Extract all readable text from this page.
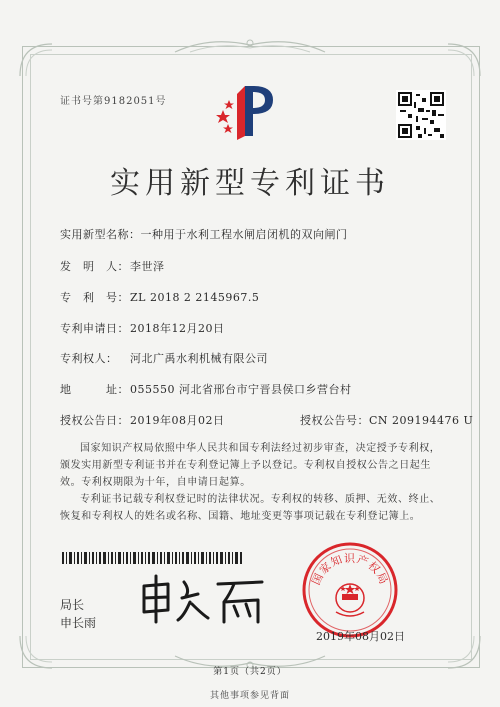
证书号第9182051号
实用新型专利证书
实用新型名称：一种用于水利工程水闸启闭机的双向闸门
发　明　人：李世泽
专　利　号：ZL 2018 2 2145967.5
专利申请日：2018年12月20日
专利权人： 河北广禹水利机械有限公司
地　　　址：055550 河北省邢台市宁晋县侯口乡营台村
授权公告日：2019年08月02日	授权公告号：CN 209194476 U
国家知识产权局依照中华人民共和国专利法经过初步审查，决定授予专利权，颁发实用新型专利证书并在专利登记簿上予以登记。专利权自授权公告之日起生效。专利权期限为十年，自申请日起算。
专利证书记载专利权登记时的法律状况。专利权的转移、质押、无效、终止、恢复和专利权人的姓名或名称、国籍、地址变更等事项记载在专利登记簿上。
局长
申长雨
国家知识产权局
2019年08月02日
第1页（共2页）
其他事项参见背面
